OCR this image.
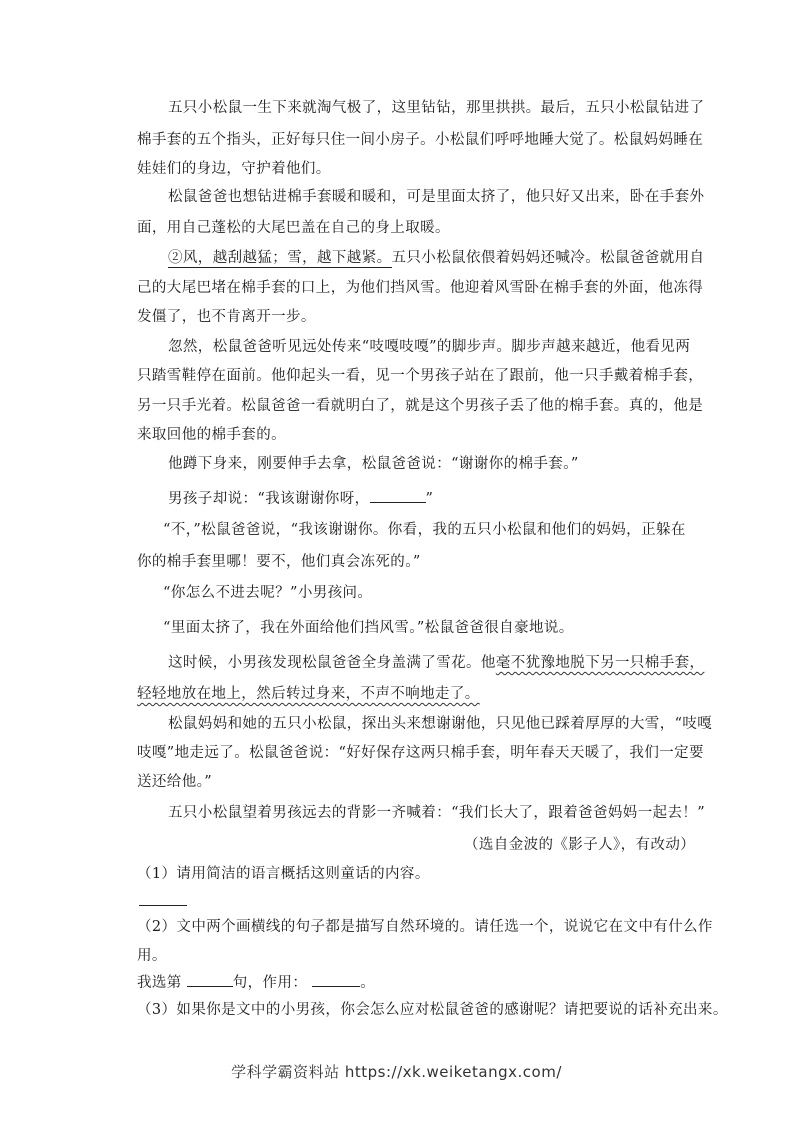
五只小松鼠一生下来就淘气极了，这里钻钻，那里拱拱。最后，五只小松鼠钻进了
棉手套的五个指头，正好每只住一间小房子。小松鼠们呼呼地睡大觉了。松鼠妈妈睡在
娃娃们的身边，守护着他们。
松鼠爸爸也想钻进棉手套暖和暖和，可是里面太挤了，他只好又出来，卧在手套外
面，用自己蓬松的大尾巴盖在自己的身上取暖。
②风，越刮越猛；雪，越下越紧。五只小松鼠依偎着妈妈还喊冷。松鼠爸爸就用自
己的大尾巴堵在棉手套的口上，为他们挡风雪。他迎着风雪卧在棉手套的外面，他冻得
发僵了，也不肯离开一步。
忽然，松鼠爸爸听见远处传来“吱嘎吱嘎”的脚步声。脚步声越来越近，他看见两
只踏雪鞋停在面前。他仰起头一看，见一个男孩子站在了跟前，他一只手戴着棉手套，
另一只手光着。松鼠爸爸一看就明白了，就是这个男孩子丢了他的棉手套。真的，他是
来取回他的棉手套的。
他蹲下身来，刚要伸手去拿，松鼠爸爸说：“谢谢你的棉手套。”
男孩子却说：“我该谢谢你呀，	”
“不，”松鼠爸爸说，“我该谢谢你。你看，我的五只小松鼠和他们的妈妈，正躲在
你的棉手套里哪！要不，他们真会冻死的。”
“你怎么不进去呢？”小男孩问。
“里面太挤了，我在外面给他们挡风雪。”松鼠爸爸很自豪地说。
这时候，小男孩发现松鼠爸爸全身盖满了雪花。他毫不犹豫地脱下另一只棉手套，
轻轻地放在地上，然后转过身来，不声不响地走了。
松鼠妈妈和她的五只小松鼠，探出头来想谢谢他，只见他已踩着厚厚的大雪，“吱嘎
吱嘎”地走远了。松鼠爸爸说：“好好保存这两只棉手套，明年春天天暖了，我们一定要
送还给他。”
五只小松鼠望着男孩远去的背影一齐喊着：“我们长大了，跟着爸爸妈妈一起去！”
（选自金波的《影子人》，有改动）
（1）请用简洁的语言概括这则童话的内容。
（2）文中两个画横线的句子都是描写自然环境的。请任选一个，说说它在文中有什么作
用。
我选第	句，作用：	。
（3）如果你是文中的小男孩，你会怎么应对松鼠爸爸的感谢呢？请把要说的话补充出来。
学科学霸资料站 https://xk.weiketangx.com/
